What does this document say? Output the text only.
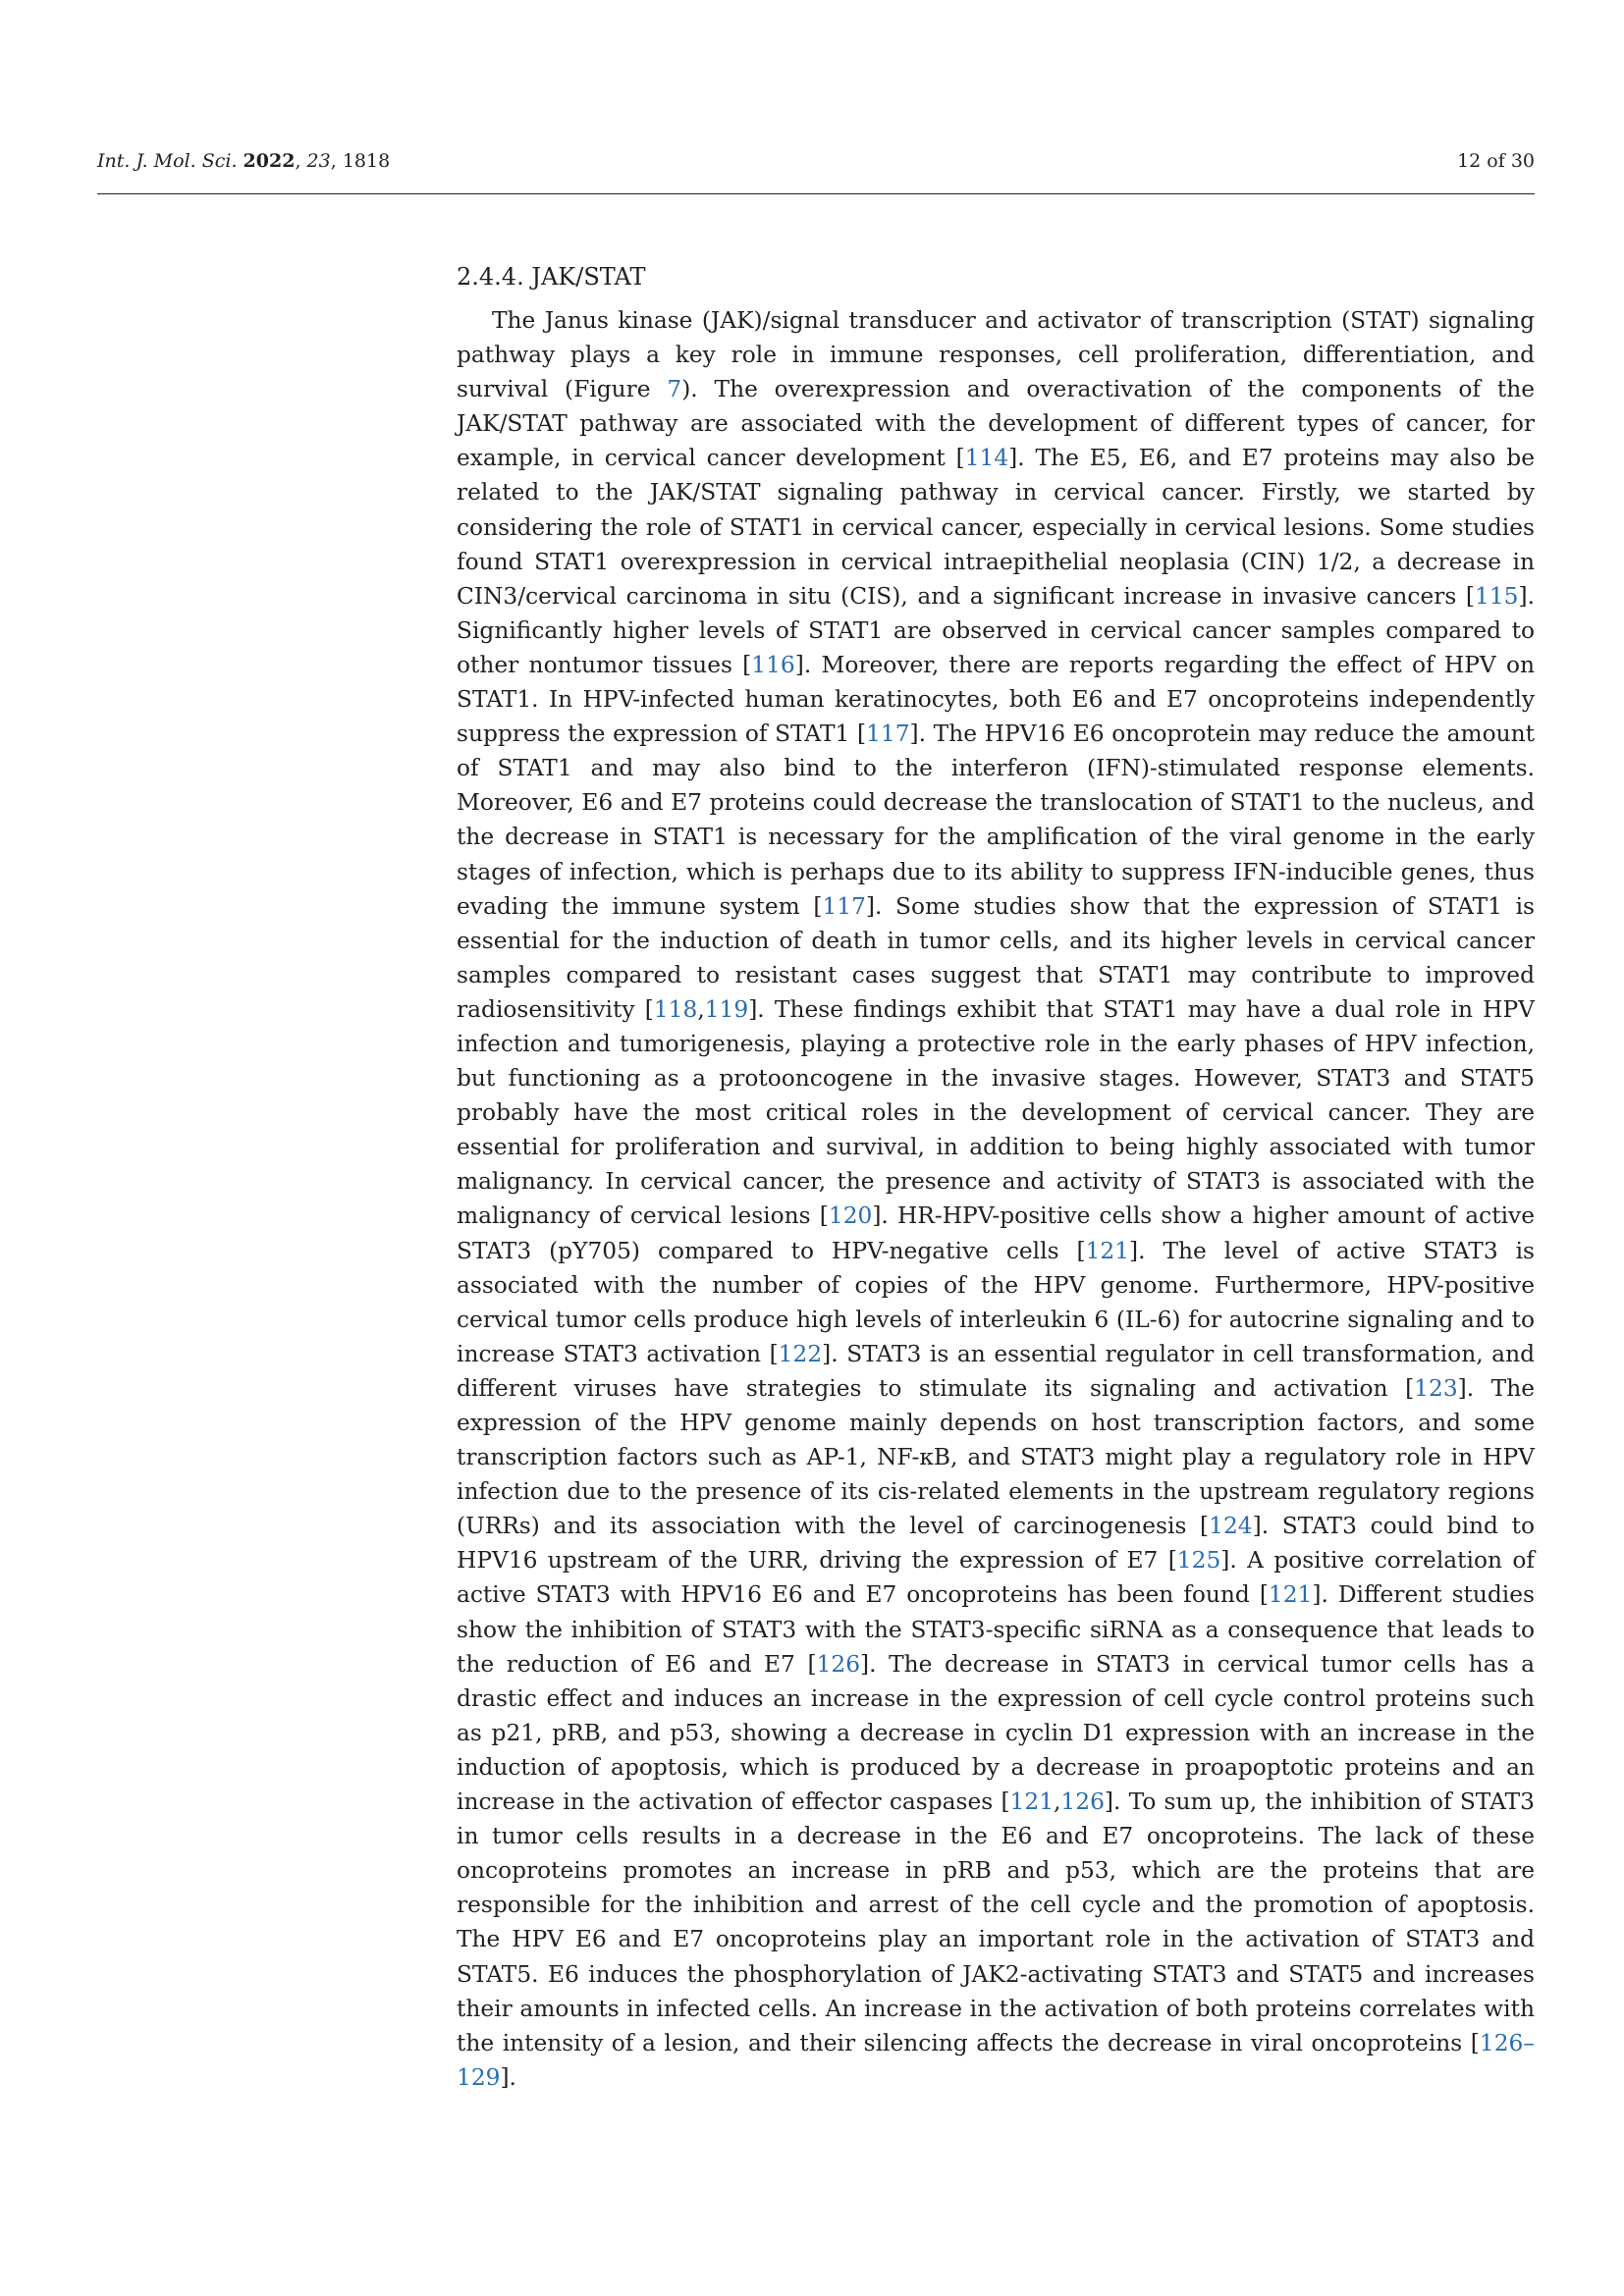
Int. J. Mol. Sci. 2022, 23, 1818	12 of 30
2.4.4. JAK/STAT

The Janus kinase (JAK)/signal transducer and activator of transcription (STAT) signaling pathway plays a key role in immune responses, cell proliferation, differentiation, and survival (Figure 7). The overexpression and overactivation of the components of the JAK/STAT pathway are associated with the development of different types of cancer, for example, in cervical cancer development [114]. The E5, E6, and E7 proteins may also be related to the JAK/STAT signaling pathway in cervical cancer. Firstly, we started by considering the role of STAT1 in cervical cancer, especially in cervical lesions. Some studies found STAT1 overexpression in cervical intraepithelial neoplasia (CIN) 1/2, a decrease in CIN3/cervical carcinoma in situ (CIS), and a significant increase in invasive cancers [115]. Significantly higher levels of STAT1 are observed in cervical cancer samples compared to other nontumor tissues [116]. Moreover, there are reports regarding the effect of HPV on STAT1. In HPV-infected human keratinocytes, both E6 and E7 oncoproteins independently suppress the expression of STAT1 [117]. The HPV16 E6 oncoprotein may reduce the amount of STAT1 and may also bind to the interferon (IFN)-stimulated response elements. Moreover, E6 and E7 proteins could decrease the translocation of STAT1 to the nucleus, and the decrease in STAT1 is necessary for the amplification of the viral genome in the early stages of infection, which is perhaps due to its ability to suppress IFN-inducible genes, thus evading the immune system [117]. Some studies show that the expression of STAT1 is essential for the induction of death in tumor cells, and its higher levels in cervical cancer samples compared to resistant cases suggest that STAT1 may contribute to improved radiosensitivity [118,119]. These findings exhibit that STAT1 may have a dual role in HPV infection and tumorigenesis, playing a protective role in the early phases of HPV infection, but functioning as a protooncogene in the invasive stages. However, STAT3 and STAT5 probably have the most critical roles in the development of cervical cancer. They are essential for proliferation and survival, in addition to being highly associated with tumor malignancy. In cervical cancer, the presence and activity of STAT3 is associated with the malignancy of cervical lesions [120]. HR-HPV-positive cells show a higher amount of active STAT3 (pY705) compared to HPV-negative cells [121]. The level of active STAT3 is associated with the number of copies of the HPV genome. Furthermore, HPV-positive cervical tumor cells produce high levels of interleukin 6 (IL-6) for autocrine signaling and to increase STAT3 activation [122]. STAT3 is an essential regulator in cell transformation, and different viruses have strategies to stimulate its signaling and activation [123]. The expression of the HPV genome mainly depends on host transcription factors, and some transcription factors such as AP-1, NF-κB, and STAT3 might play a regulatory role in HPV infection due to the presence of its cis-related elements in the upstream regulatory regions (URRs) and its association with the level of carcinogenesis [124]. STAT3 could bind to HPV16 upstream of the URR, driving the expression of E7 [125]. A positive correlation of active STAT3 with HPV16 E6 and E7 oncoproteins has been found [121]. Different studies show the inhibition of STAT3 with the STAT3-specific siRNA as a consequence that leads to the reduction of E6 and E7 [126]. The decrease in STAT3 in cervical tumor cells has a drastic effect and induces an increase in the expression of cell cycle control proteins such as p21, pRB, and p53, showing a decrease in cyclin D1 expression with an increase in the induction of apoptosis, which is produced by a decrease in proapoptotic proteins and an increase in the activation of effector caspases [121,126]. To sum up, the inhibition of STAT3 in tumor cells results in a decrease in the E6 and E7 oncoproteins. The lack of these oncoproteins promotes an increase in pRB and p53, which are the proteins that are responsible for the inhibition and arrest of the cell cycle and the promotion of apoptosis. The HPV E6 and E7 oncoproteins play an important role in the activation of STAT3 and STAT5. E6 induces the phosphorylation of JAK2-activating STAT3 and STAT5 and increases their amounts in infected cells. An increase in the activation of both proteins correlates with the intensity of a lesion, and their silencing affects the decrease in viral oncoproteins [126–129].
